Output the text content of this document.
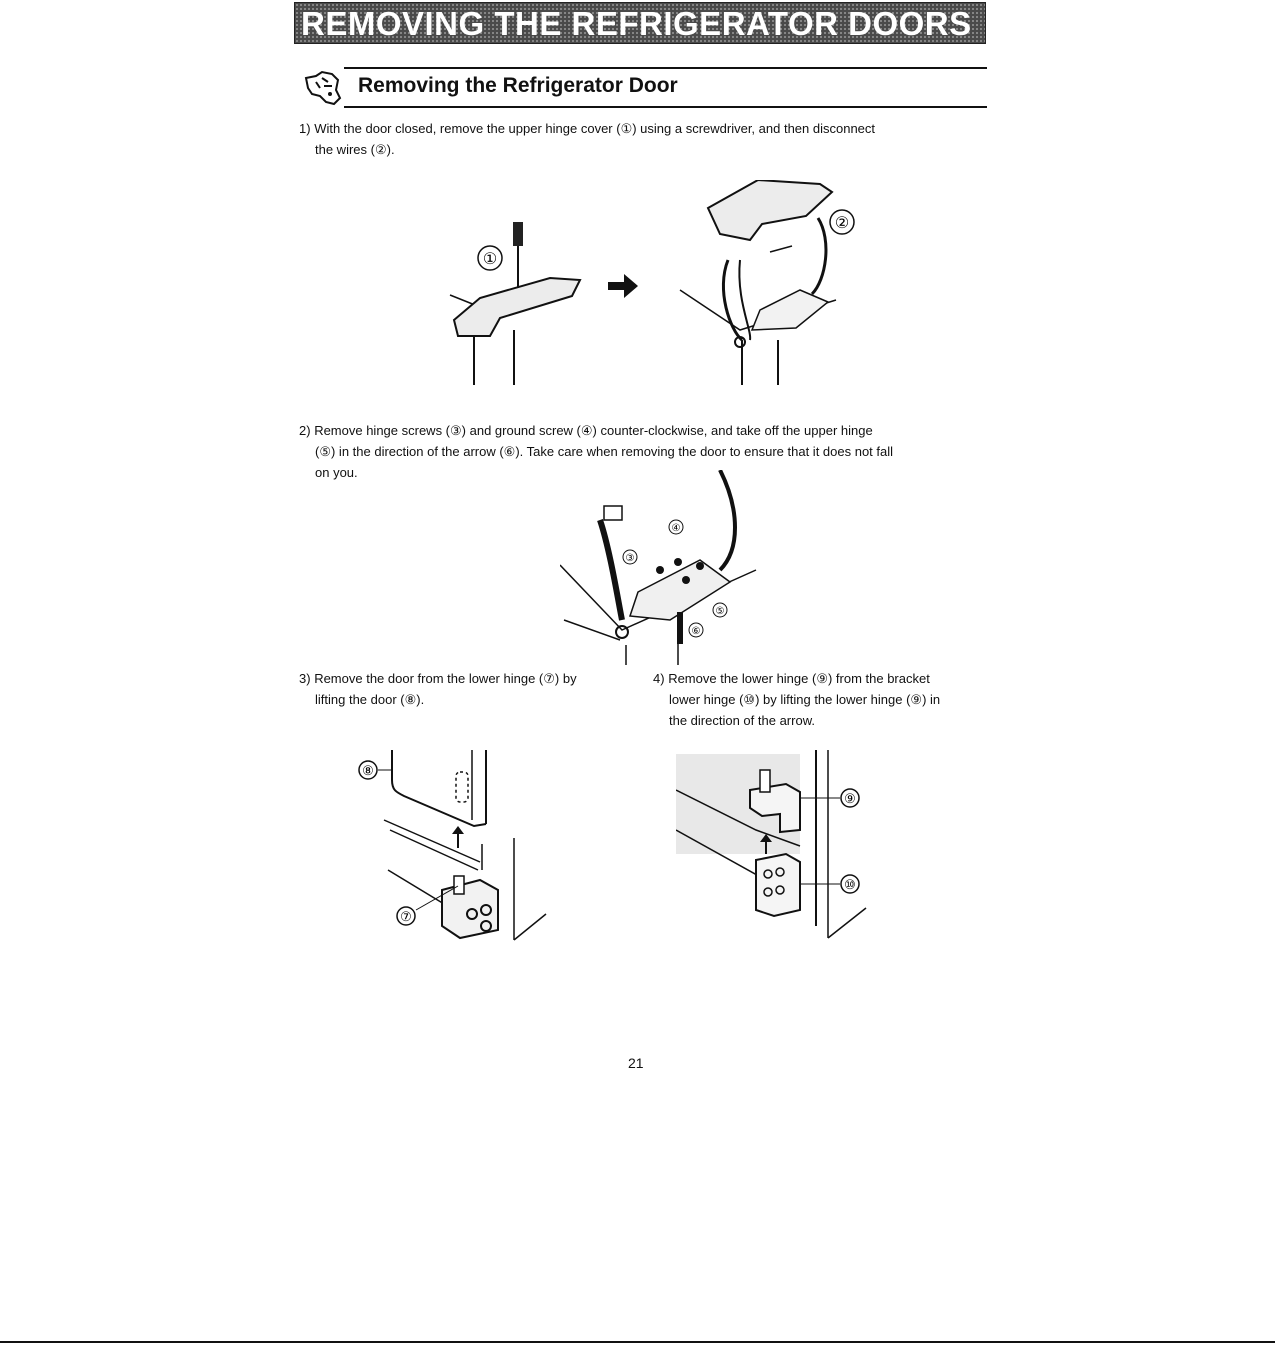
REMOVING THE REFRIGERATOR DOORS
Removing the Refrigerator Door
1) With the door closed, remove the upper hinge cover (①) using a screwdriver, and then disconnect
the wires (②).
①
②
2) Remove hinge screws (③) and ground screw (④) counter-clockwise, and take off the upper hinge
(⑤) in the direction of the arrow (⑥). Take care when removing the door to ensure that it does not fall
on you.
④
③
⑤
⑥
3) Remove the door from the lower hinge (⑦) by
lifting the door (⑧).
4) Remove the lower hinge (⑨) from the bracket
lower hinge (⑩) by lifting the lower hinge (⑨) in
the direction of the arrow.
⑦
⑧
⑨
⑩
21
